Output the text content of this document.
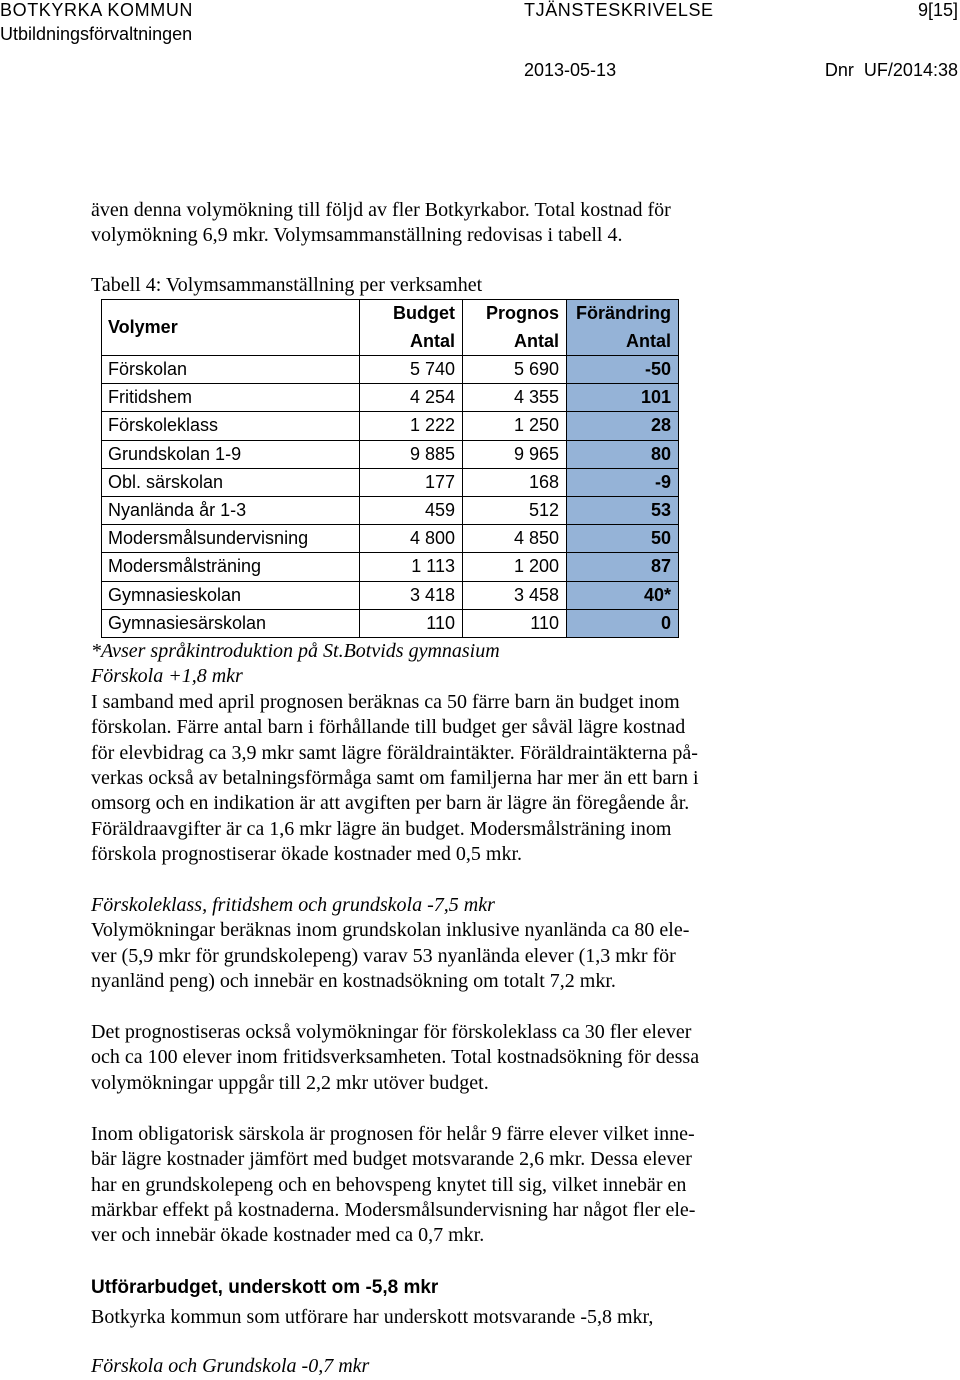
BOTKYRKA KOMMUN
Utbildningsförvaltningen
TJÄNSTESKRIVELSE	9[15]
2013-05-13	Dnr  UF/2014:38
även denna volymökning till följd av fler Botkyrkabor. Total kostnad för
volymökning 6,9 mkr. Volymsammanställning redovisas i tabell 4.
Tabell 4: Volymsammanställning per verksamhet
Volymer	Budget	Prognos	Förändring
	Antal	Antal	Antal
Förskolan	5 740	5 690	-50
Fritidshem	4 254	4 355	101
Förskoleklass	1 222	1 250	28
Grundskolan 1-9	9 885	9 965	80
Obl. särskolan	177	168	-9
Nyanlända år 1-3	459	512	53
Modersmålsundervisning	4 800	4 850	50
Modersmålsträning	1 113	1 200	87
Gymnasieskolan	3 418	3 458	40*
Gymnasiesärskolan	110	110	0
*Avser språkintroduktion på St.Botvids gymnasium
Förskola +1,8 mkr
I samband med april prognosen beräknas ca 50 färre barn än budget inom
förskolan. Färre antal barn i förhållande till budget ger såväl lägre kostnad
för elevbidrag ca 3,9 mkr samt lägre föräldraintäkter. Föräldraintäkterna på-
verkas också av betalningsförmåga samt om familjerna har mer än ett barn i
omsorg och en indikation är att avgiften per barn är lägre än föregående år.
Föräldraavgifter är ca 1,6 mkr lägre än budget. Modersmålsträning inom
förskola prognostiserar ökade kostnader med 0,5 mkr.
Förskoleklass, fritidshem och grundskola -7,5 mkr
Volymökningar beräknas inom grundskolan inklusive nyanlända ca 80 ele-
ver (5,9 mkr för grundskolepeng) varav 53 nyanlända elever (1,3 mkr för
nyanländ peng) och innebär en kostnadsökning om totalt 7,2 mkr.
Det prognostiseras också volymökningar för förskoleklass ca 30 fler elever
och ca 100 elever inom fritidsverksamheten. Total kostnadsökning för dessa
volymökningar uppgår till 2,2 mkr utöver budget.
Inom obligatorisk särskola är prognosen för helår 9 färre elever vilket inne-
bär lägre kostnader jämfört med budget motsvarande 2,6 mkr. Dessa elever
har en grundskolepeng och en behovspeng knytet till sig, vilket innebär en
märkbar effekt på kostnaderna. Modersmålsundervisning har något fler ele-
ver och innebär ökade kostnader med ca 0,7 mkr.
Utförarbudget, underskott om -5,8 mkr
Botkyrka kommun som utförare har underskott motsvarande -5,8 mkr,
Förskola och Grundskola -0,7 mkr
